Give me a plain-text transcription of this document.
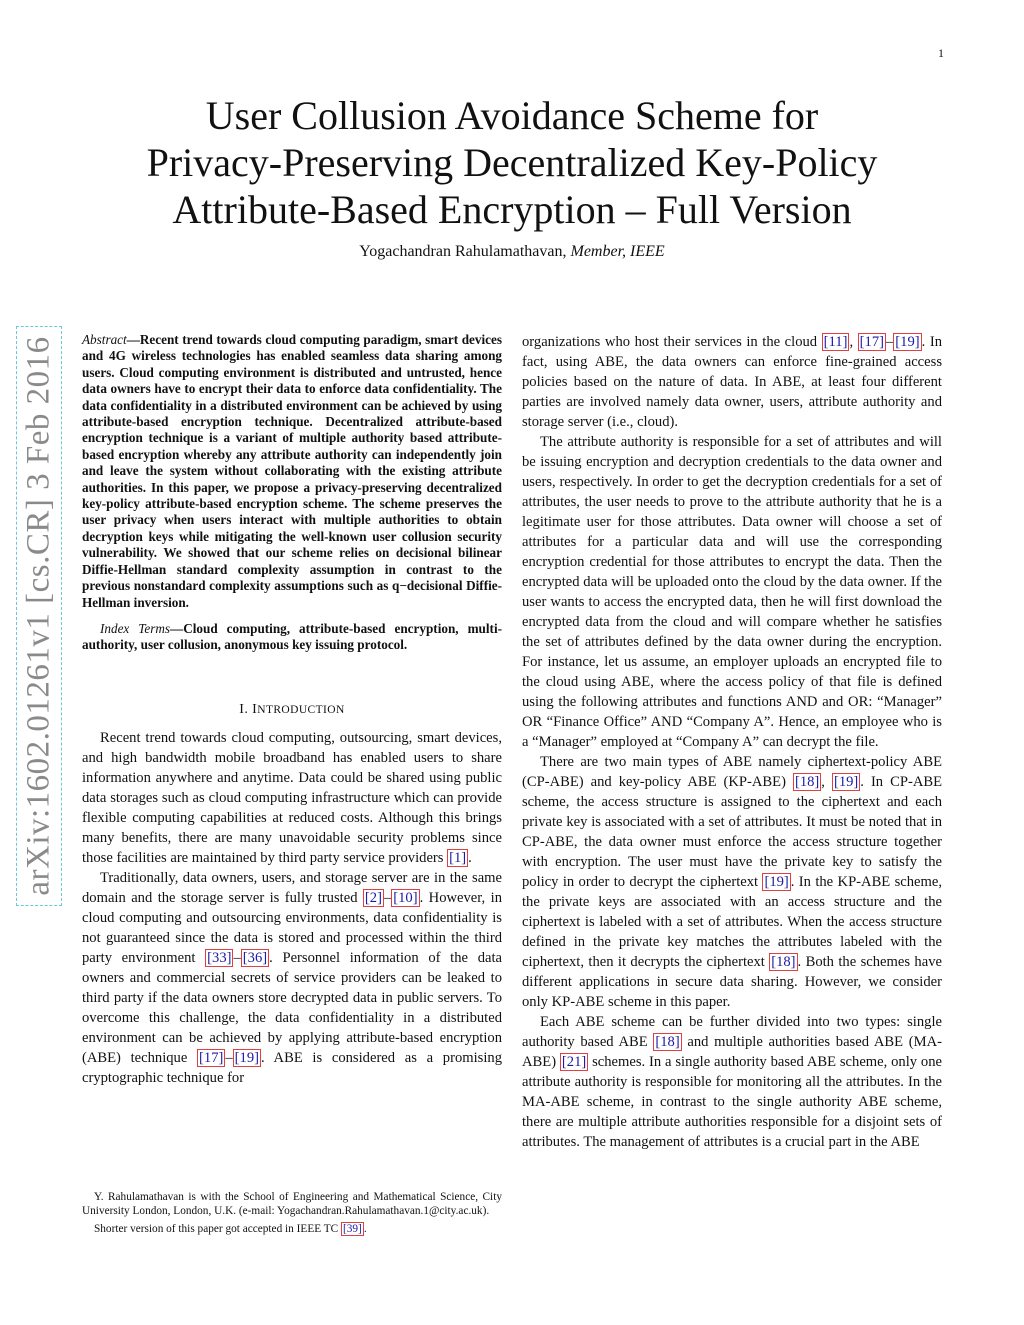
1
arXiv:1602.01261v1 [cs.CR] 3 Feb 2016
User Collusion Avoidance Scheme for
Privacy-Preserving Decentralized Key-Policy
Attribute-Based Encryption – Full Version
Yogachandran Rahulamathavan, Member, IEEE

Abstract—Recent trend towards cloud computing paradigm, smart devices and 4G wireless technologies has enabled seamless data sharing among users. Cloud computing environment is distributed and untrusted, hence data owners have to encrypt their data to enforce data confidentiality. The data confidentiality in a distributed environment can be achieved by using attribute-based encryption technique. Decentralized attribute-based encryption technique is a variant of multiple authority based attribute-based encryption whereby any attribute authority can independently join and leave the system without collaborating with the existing attribute authorities. In this paper, we propose a privacy-preserving decentralized key-policy attribute-based encryption scheme. The scheme preserves the user privacy when users interact with multiple authorities to obtain decryption keys while mitigating the well-known user collusion security vulnerability. We showed that our scheme relies on decisional bilinear Diffie-Hellman standard complexity assumption in contrast to the previous nonstandard complexity assumptions such as q−decisional Diffie-Hellman inversion.

Index Terms—Cloud computing, attribute-based encryption, multi-authority, user collusion, anonymous key issuing protocol.

I. INTRODUCTION

Recent trend towards cloud computing, outsourcing, smart devices, and high bandwidth mobile broadband has enabled users to share information anywhere and anytime. Data could be shared using public data storages such as cloud computing infrastructure which can provide flexible computing capabilities at reduced costs. Although this brings many benefits, there are many unavoidable security problems since those facilities are maintained by third party service providers [1] .

Traditionally, data owners, users, and storage server are in the same domain and the storage server is fully trusted [2] – [10] . However, in cloud computing and outsourcing environments, data confidentiality is not guaranteed since the data is stored and processed within the third party environment [33] – [36] . Personnel information of the data owners and commercial secrets of service providers can be leaked to third party if the data owners store decrypted data in public servers. To overcome this challenge, the data confidentiality in a distributed environment can be achieved by applying attribute-based encryption (ABE) technique [17] – [19] . ABE is considered as a promising cryptographic technique for

Y. Rahulamathavan is with the School of Engineering and Mathematical Science, City University London, London, U.K. (e-mail: Yogachandran.Rahulamathavan.1@city.ac.uk).

Shorter version of this paper got accepted in IEEE TC [39] .

organizations who host their services in the cloud [11] , [17] – [19] . In fact, using ABE, the data owners can enforce fine-grained access policies based on the nature of data. In ABE, at least four different parties are involved namely data owner, users, attribute authority and storage server (i.e., cloud).

The attribute authority is responsible for a set of attributes and will be issuing encryption and decryption credentials to the data owner and users, respectively. In order to get the decryption credentials for a set of attributes, the user needs to prove to the attribute authority that he is a legitimate user for those attributes. Data owner will choose a set of attributes for a particular data and will use the corresponding encryption credential for those attributes to encrypt the data. Then the encrypted data will be uploaded onto the cloud by the data owner. If the user wants to access the encrypted data, then he will first download the encrypted data from the cloud and will compare whether he satisfies the set of attributes defined by the data owner during the encryption. For instance, let us assume, an employer uploads an encrypted file to the cloud using ABE, where the access policy of that file is defined using the following attributes and functions AND and OR: “Manager” OR “Finance Office” AND “Company A”. Hence, an employee who is a “Manager” employed at “Company A” can decrypt the file.

There are two main types of ABE namely ciphertext-policy ABE (CP-ABE) and key-policy ABE (KP-ABE) [18] , [19] . In CP-ABE scheme, the access structure is assigned to the ciphertext and each private key is associated with a set of attributes. It must be noted that in CP-ABE, the data owner must enforce the access structure together with encryption. The user must have the private key to satisfy the policy in order to decrypt the ciphertext [19] . In the KP-ABE scheme, the private keys are associated with an access structure and the ciphertext is labeled with a set of attributes. When the access structure defined in the private key matches the attributes labeled with the ciphertext, then it decrypts the ciphertext [18] . Both the schemes have different applications in secure data sharing. However, we consider only KP-ABE scheme in this paper.

Each ABE scheme can be further divided into two types: single authority based ABE [18] and multiple authorities based ABE (MA-ABE) [21] schemes. In a single authority based ABE scheme, only one attribute authority is responsible for monitoring all the attributes. In the MA-ABE scheme, in contrast to the single authority ABE scheme, there are multiple attribute authorities responsible for a disjoint sets of attributes. The management of attributes is a crucial part in the ABE
